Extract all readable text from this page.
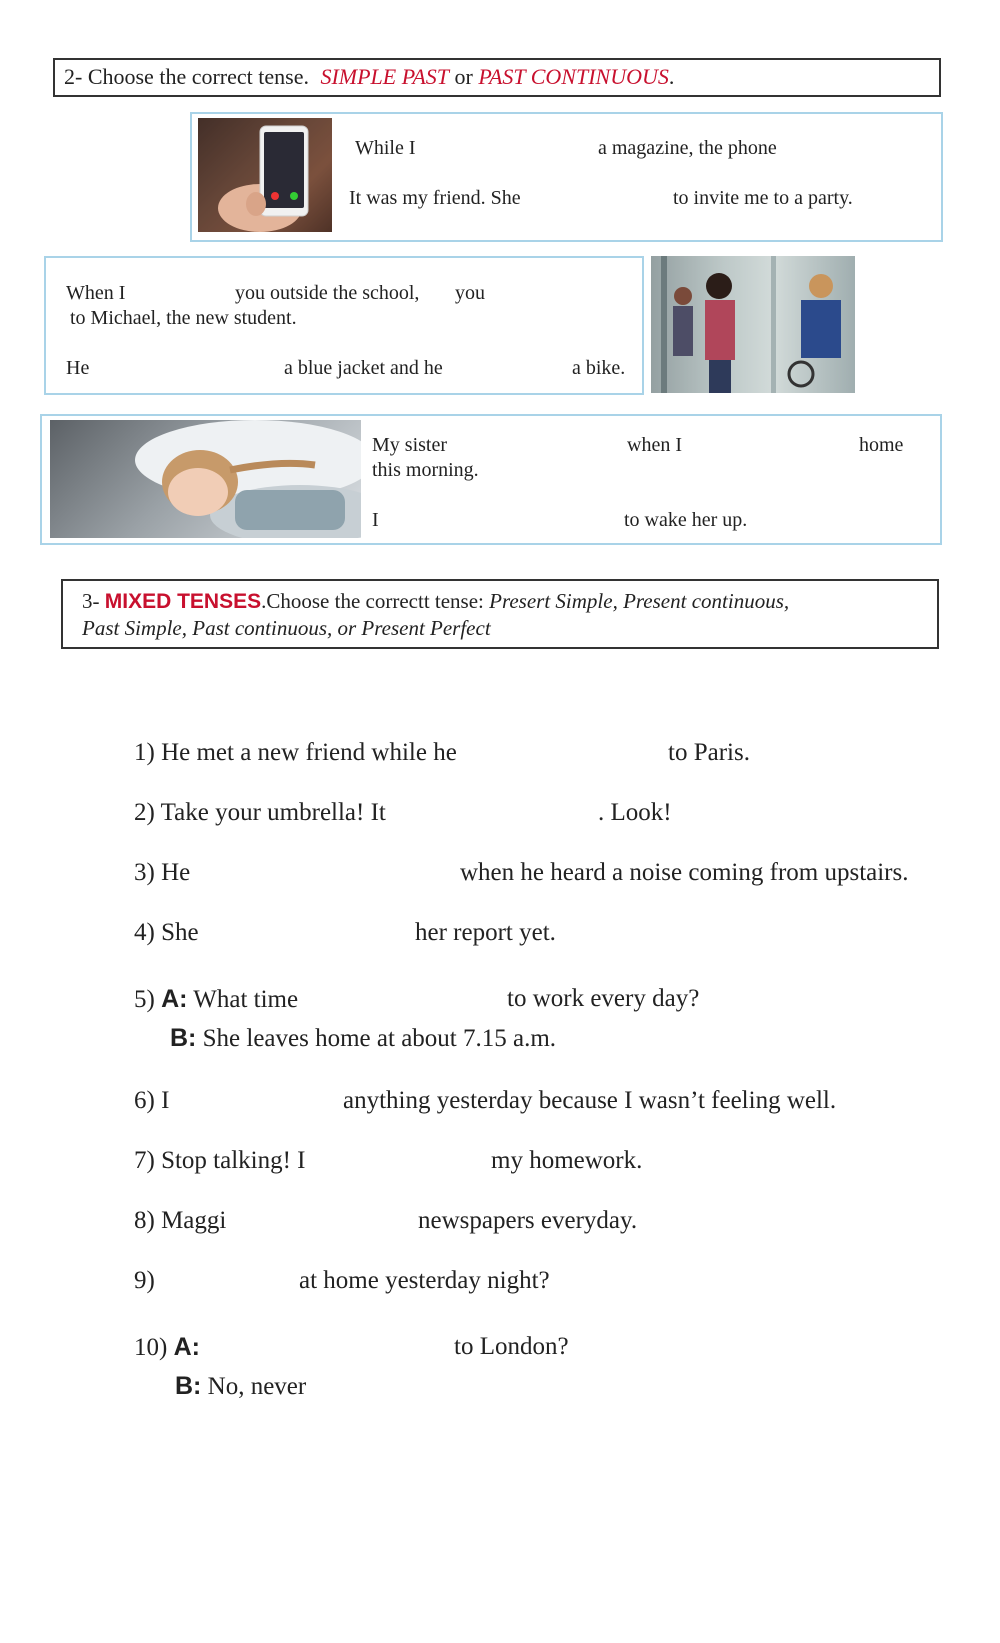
2- Choose the correct tense. SIMPLE PAST or PAST CONTINUOUS.
While I	a magazine, the phone
It was my friend. She	to invite me to a party.
When I	you outside the school, you
to Michael, the new student.
He	a blue jacket and he	a bike.
My sister	when I	home
this morning.
I	to wake her up.
3- MIXED TENSES.Choose the correctt tense: Presert Simple, Present continuous,
Past Simple, Past continuous, or Present Perfect
1) He met a new friend while he	to Paris.
2) Take your umbrella! It	. Look!
3) He	when he heard a noise coming from upstairs.
4) She	her report yet.
5) A: What time	to work every day?
B: She leaves home at about 7.15 a.m.
6) I	anything yesterday because I wasn’t feeling well.
7) Stop talking! I	my homework.
8) Maggi	newspapers everyday.
9)	at home yesterday night?
10) A:	to London?
B: No, never
